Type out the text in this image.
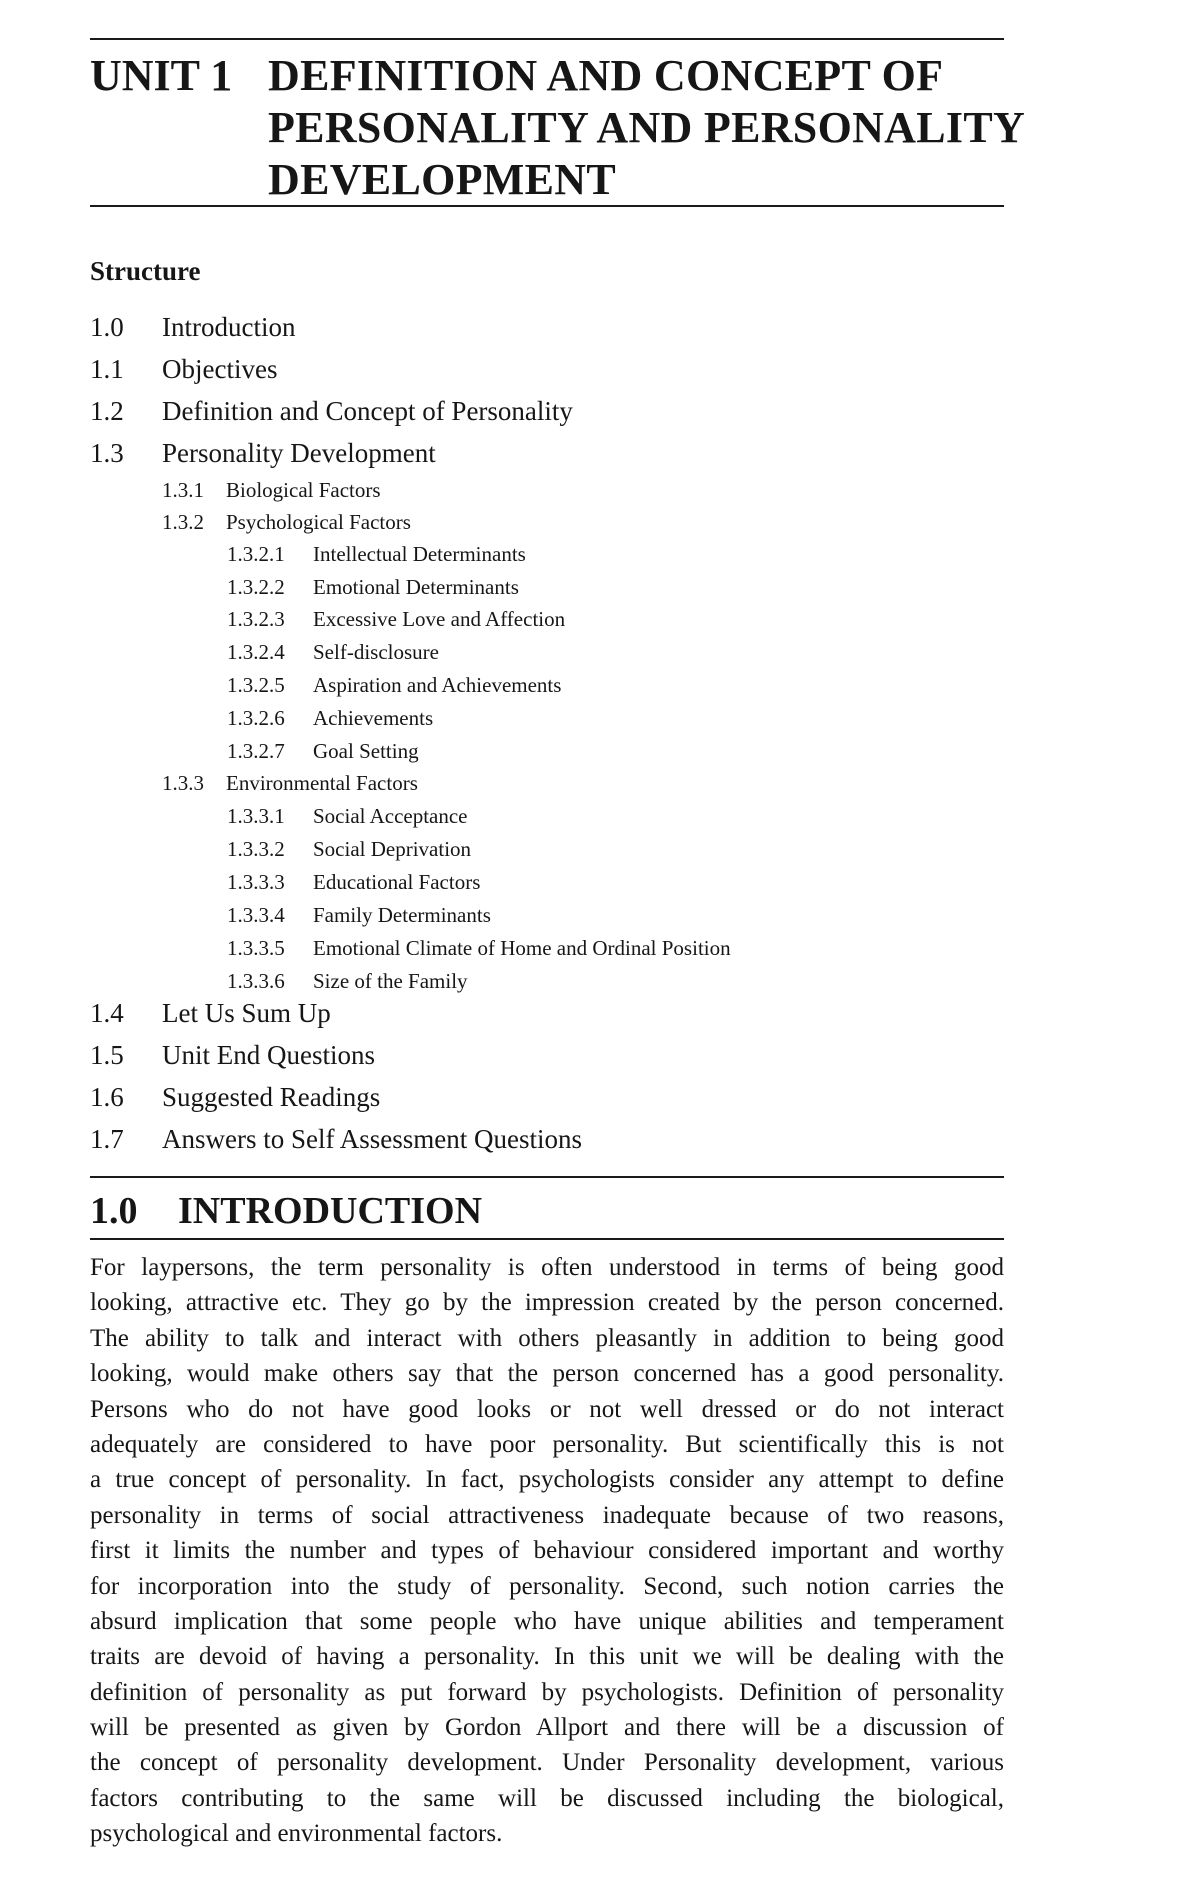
UNIT 1 DEFINITION AND CONCEPT OF
PERSONALITY AND PERSONALITY
DEVELOPMENT
Structure
1.0 Introduction
1.1 Objectives
1.2 Definition and Concept of Personality
1.3 Personality Development
1.3.1 Biological Factors
1.3.2 Psychological Factors
1.3.2.1 Intellectual Determinants
1.3.2.2 Emotional Determinants
1.3.2.3 Excessive Love and Affection
1.3.2.4 Self-disclosure
1.3.2.5 Aspiration and Achievements
1.3.2.6 Achievements
1.3.2.7 Goal Setting
1.3.3 Environmental Factors
1.3.3.1 Social Acceptance
1.3.3.2 Social Deprivation
1.3.3.3 Educational Factors
1.3.3.4 Family Determinants
1.3.3.5 Emotional Climate of Home and Ordinal Position
1.3.3.6 Size of the Family
1.4 Let Us Sum Up
1.5 Unit End Questions
1.6 Suggested Readings
1.7 Answers to Self Assessment Questions
1.0 INTRODUCTION
For laypersons, the term personality is often understood in terms of being good
looking, attractive etc. They go by the impression created by the person concerned.
The ability to talk and interact with others pleasantly in addition to being good
looking, would make others say that the person concerned has a good personality.
Persons who do not have good looks or not well dressed or do not interact
adequately are considered to have poor personality. But scientifically this is not
a true concept of personality. In fact, psychologists consider any attempt to define
personality in terms of social attractiveness inadequate because of two reasons,
first it limits the number and types of behaviour considered important and worthy
for incorporation into the study of personality. Second, such notion carries the
absurd implication that some people who have unique abilities and temperament
traits are devoid of having a personality. In this unit we will be dealing with the
definition of personality as put forward by psychologists. Definition of personality
will be presented as given by Gordon Allport and there will be a discussion of
the concept of personality development. Under Personality development, various
factors contributing to the same will be discussed including the biological,
psychological and environmental factors.
